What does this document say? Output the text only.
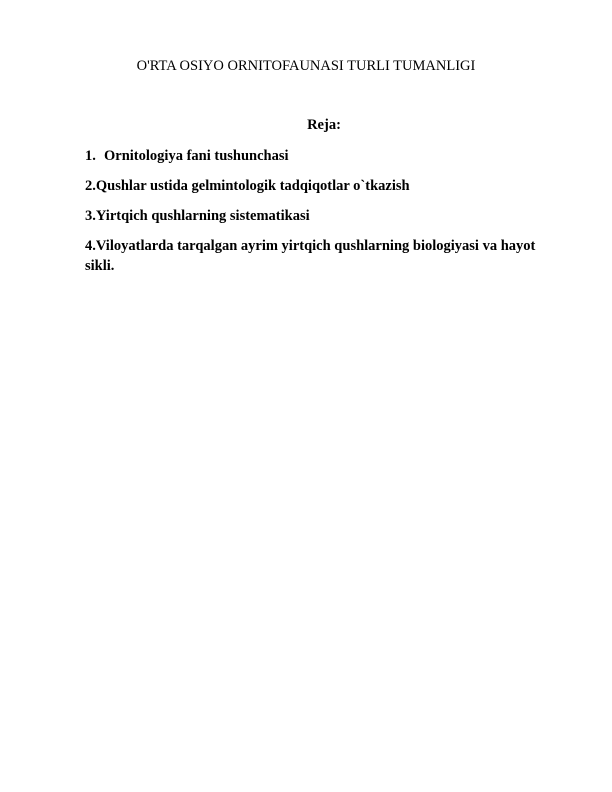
O'RTA OSIYO ORNITOFAUNASI TURLI TUMANLIGI
Reja:
1. Ornitologiya fani tushunchasi
2.Qushlar ustida gelmintologik tadqiqotlar o`tkazish
3.Yirtqich qushlarning sistematikasi
4.Viloyatlarda tarqalgan ayrim yirtqich qushlarning biologiyasi va hayot sikli.
